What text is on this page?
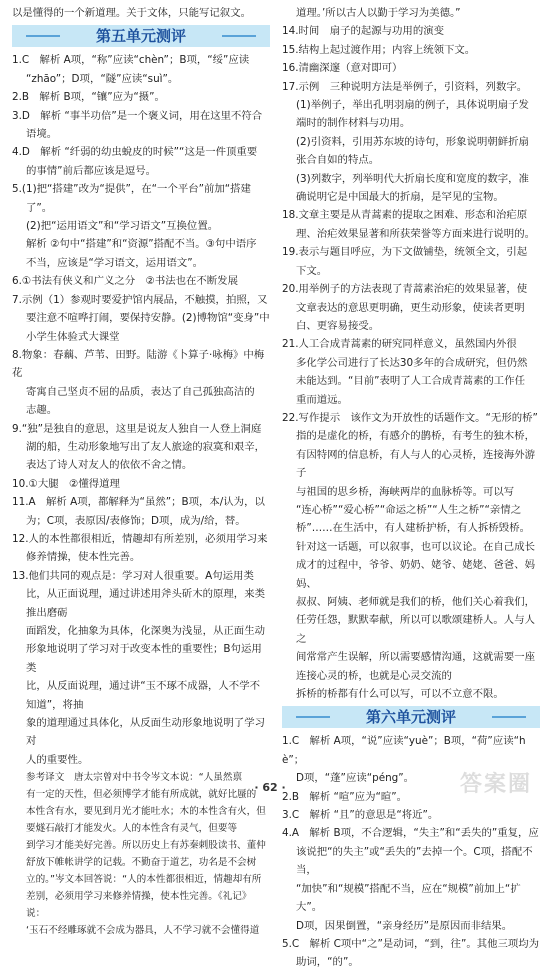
以是懂得的一个新道理。关于文体，只能写记叙文。

第五单元测评

1.C　解析 A项，“称”应读“chèn”；B项，“绥”应读

“zhāo”；D项，“隧”应读“suì”。

2.B　解析 B项，“镶”应为“摄”。

3.D　解析 “事半功倍”是一个褒义词，用在这里不符合

语境。

4.D　解析 “纤弱的幼虫蛻皮的时候”“这是一件顶重要

的事情”前后都应该是逗号。

5.(1)把“搭建”改为“提供”，在“一个平台”前加“搭建

了”。

(2)把“运用语文”和“学习语文”互换位置。

解析 ②句中“搭建”和“资源”搭配不当。③句中语序

不当，应该是“学习语文，运用语文”。

6.①书法有侠义和广义之分　②书法也在不断发展

7.示例（1）参观时要爱护馆内展品，不触摸，拍照，又

要注意不喧哗打闹，要保持安静。(2)博物馆“变身”中

小学生体验式大课堂

8.物象：春藕、芦苇、田野。陆游《卜算子·咏梅》中梅花

寄寓自己坚贞不屈的品质，表达了自己孤独高洁的

志趣。

9.“独”是独自的意思，这里是说友人独自一人登上洞庭

湖的船，生动形象地写出了友人旅途的寂寞和艰辛，

表达了诗人对友人的依依不舍之情。

10.①大腿　②懂得道理

11.A　解析 A项，都解释为“虽然”；B项，本/认为，以

为；C项，表原因/表修饰；D项，成为/给，替。

12.人的本性都很相近，情趣却有所差别，必须用学习来

修养情操，使本性完善。

13.他们共同的观点是：学习对人很重要。A句运用类

比，从正面说理，通过讲述用斧头斫木的原理，来类推出磨砺

面蹈发，化抽象为具体，化深奥为浅显，从正面生动

形象地说明了学习对于改变本性的重要性；B句运用类

比，从反面说理，通过讲“玉不琢不成器，人不学不知道”，将抽

象的道理通过具体化，从反面生动形象地说明了学习对

人的重要性。

参考译文　唐太宗曾对中书令岑文本说：“人虽然禀

有一定的天性，但必须博学才能有所成就，就好比蜃的

本性含有水，要见到月光才能吐水；木的本性含有火，但

要燧石敲打才能发火。人的本性含有灵气，但要等

到学习才能美好完善。所以历史上有苏秦刺股读书、董仲

舒放下帷帐讲学的记载。不勤奋于道艺，功名是不会树

立的。”岑文本回答说：“人的本性都很相近，情趣却有所

差别，必须用学习来修养情操，使本性完善。《礼记》说：

‘玉石不经雕琢就不会成为器具，人不学习就不会懂得道

道理。’所以古人以勤于学习为美德。”

14.时间　扇子的起源与功用的演变

15.结构上起过渡作用；内容上统领下文。

16.清幽深邃（意对即可）

17.示例　三种说明方法是举例子，引资料，列数字。

(1)举例子，举出孔明羽扇的例子，具体说明扇子发

端时的制作材料与功用。

(2)引资料，引用苏东坡的诗句，形象说明朝鲜折扇

张合自如的特点。

(3)列数字，列举明代大折扇长度和宽度的数字，准

确说明它是中国最大的折扇，是罕见的宝物。

18.文章主要是从青蒿素的提取之困难、形态和治疟原

理、治疟效果显著和所获荣誉等方面来进行说明的。

19.表示与题目呼应，为下文做铺垫，统领全文，引起

下文。

20.用举例子的方法表现了青蒿素治疟的效果显著，使

文章表达的意思更明确，更生动形象，使读者更明

白、更容易接受。

21.人工合成青蒿素的研究同样意义，虽然国内外很

多化学公司进行了长达30多年的合成研究，但仍然

未能达到。“目前”表明了人工合成青蒿素的工作任

重而道远。

22.写作提示　该作文为开放性的话题作文。“无形的桥”

指的是虚化的桥，有感介的鹊桥，有考生的独木桥，

有因特网的信息桥，有人与人的心灵桥，连接海外游子

与祖国的思乡桥，海峡两岸的血脉桥等。可以写

“连心桥”“爱心桥”“命运之桥”“人生之桥”“亲情之

桥”……在生活中，有人建桥护桥，有人拆桥毁桥。

针对这一话题，可以叙事，也可以议论。在自己成长

成才的过程中，爷爷、奶奶、姥爷、姥姥、爸爸、妈妈、

叔叔、阿姨、老师就是我们的桥，他们关心着我们，

任劳任怨，默默奉献，所以可以歌颂建桥人。人与人之

间常常产生误解，所以需要感情沟通，这就需要一座

连接心灵的桥，也就是心灵交流的

拆桥的桥都有什么可以写，可以不立意不限。

第六单元测评

1.C　解析 A项，“说”应读“yuè”；B项，“荷”应读“hè”；

D项，“蓬”应读“péng”。

2.B　解析 “喧”应为“暄”。

3.C　解析 “且”的意思是“将近”。

4.A　解析 B项，不合逻辑，“失主”和“丢失的”重复，应

该说把“的失主”或“丢失的”去掉一个。C项，搭配不当，

“加快”和“规模”搭配不当，应在“规模”前加上“扩大”。

D项，因果倒置，“亲身经历”是原因而非结果。

5.C　解析 C项中“之”是动词，“到，往”。其他三项均为

助词，“的”。

· 62 ·	答案圈
